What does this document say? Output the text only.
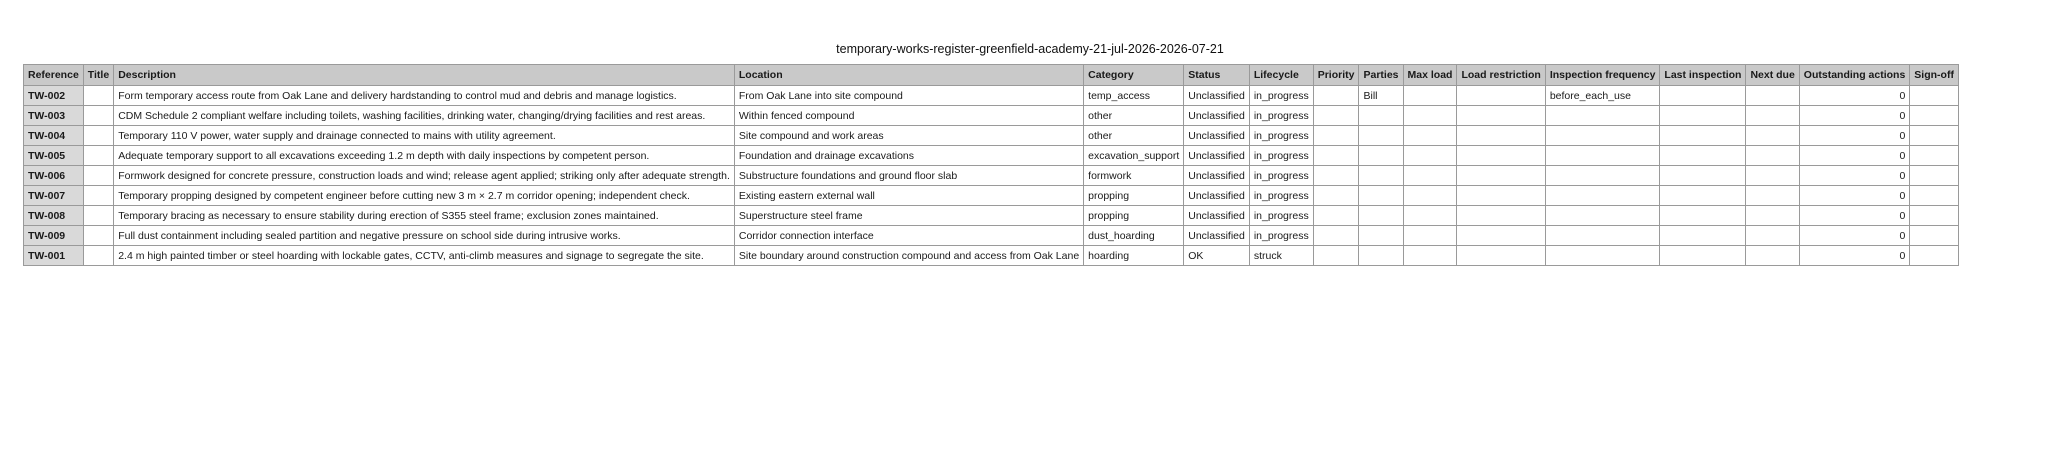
temporary-works-register-greenfield-academy-21-jul-2026-2026-07-21
Reference	Title	Description	Location	Category	Status	Lifecycle	Priority	Parties	Max load	Load restriction	Inspection frequency	Last inspection	Next due	Outstanding actions	Sign-off
TW-002		Form temporary access route from Oak Lane and delivery hardstanding to control mud and debris and manage logistics.	From Oak Lane into site compound	temp_access	Unclassified	in_progress		Bill			before_each_use			0	
TW-003		CDM Schedule 2 compliant welfare including toilets, washing facilities, drinking water, changing/drying facilities and rest areas.	Within fenced compound	other	Unclassified	in_progress								0	
TW-004		Temporary 110 V power, water supply and drainage connected to mains with utility agreement.	Site compound and work areas	other	Unclassified	in_progress								0	
TW-005		Adequate temporary support to all excavations exceeding 1.2 m depth with daily inspections by competent person.	Foundation and drainage excavations	excavation_support	Unclassified	in_progress								0	
TW-006		Formwork designed for concrete pressure, construction loads and wind; release agent applied; striking only after adequate strength.	Substructure foundations and ground floor slab	formwork	Unclassified	in_progress								0	
TW-007		Temporary propping designed by competent engineer before cutting new 3 m × 2.7 m corridor opening; independent check.	Existing eastern external wall	propping	Unclassified	in_progress								0	
TW-008		Temporary bracing as necessary to ensure stability during erection of S355 steel frame; exclusion zones maintained.	Superstructure steel frame	propping	Unclassified	in_progress								0	
TW-009		Full dust containment including sealed partition and negative pressure on school side during intrusive works.	Corridor connection interface	dust_hoarding	Unclassified	in_progress								0	
TW-001		2.4 m high painted timber or steel hoarding with lockable gates, CCTV, anti-climb measures and signage to segregate the site.	Site boundary around construction compound and access from Oak Lane	hoarding	OK	struck								0	
